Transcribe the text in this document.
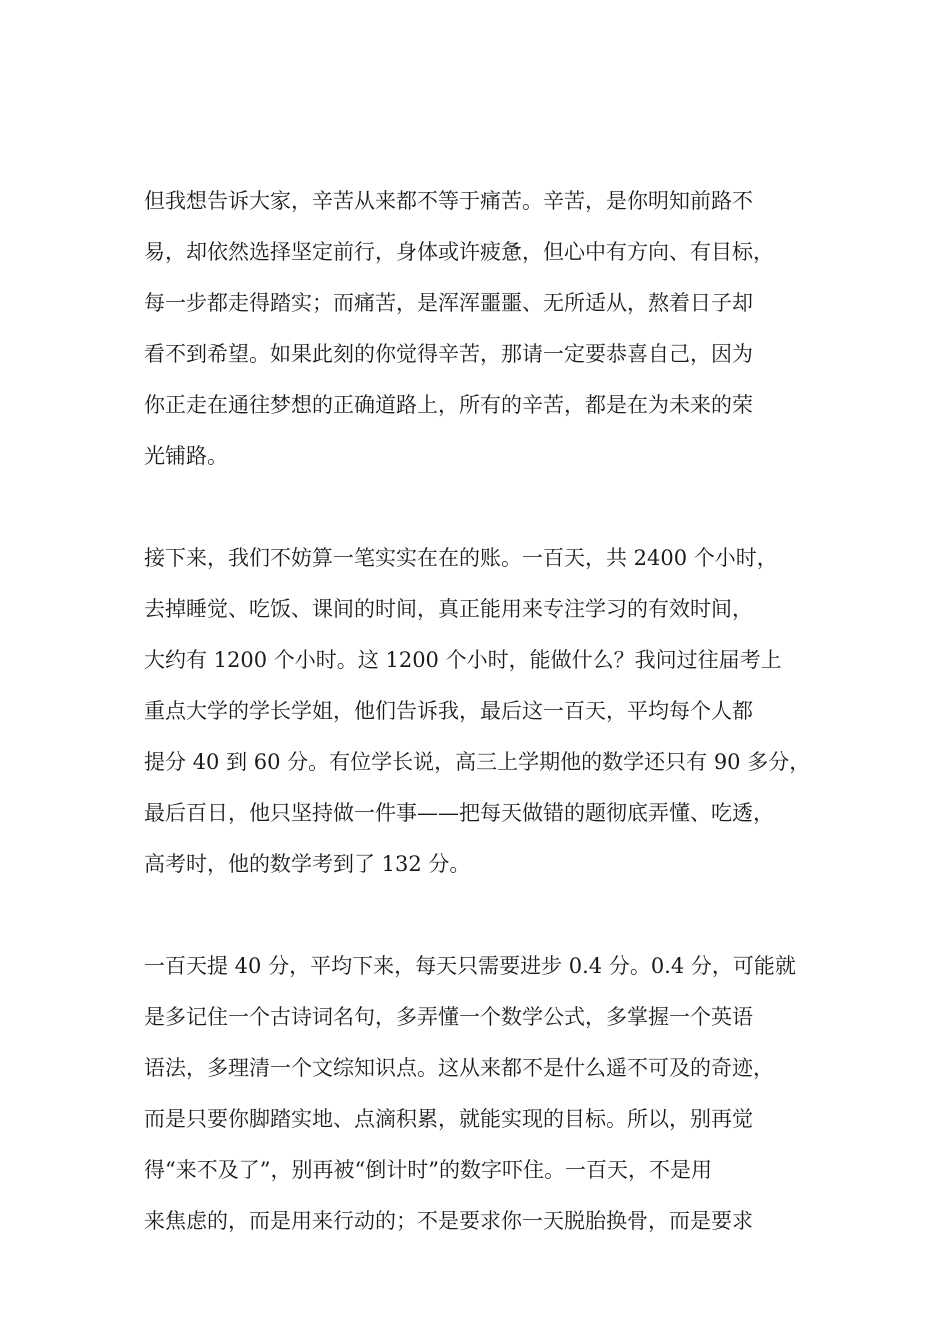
但我想告诉大家，辛苦从来都不等于痛苦。辛苦，是你明知前路不
易，却依然选择坚定前行，身体或许疲惫，但心中有方向、有目标，
每一步都走得踏实；而痛苦，是浑浑噩噩、无所适从，熬着日子却
看不到希望。如果此刻的你觉得辛苦，那请一定要恭喜自己，因为
你正走在通往梦想的正确道路上，所有的辛苦，都是在为未来的荣
光铺路。

接下来，我们不妨算一笔实实在在的账。一百天，共 2400 个小时，
去掉睡觉、吃饭、课间的时间，真正能用来专注学习的有效时间，
大约有 1200 个小时。这 1200 个小时，能做什么？我问过往届考上
重点大学的学长学姐，他们告诉我，最后这一百天，平均每个人都
提分 40 到 60 分。有位学长说，高三上学期他的数学还只有 90 多分，
最后百日，他只坚持做一件事——把每天做错的题彻底弄懂、吃透，
高考时，他的数学考到了 132 分。

一百天提 40 分，平均下来，每天只需要进步 0.4 分。0.4 分，可能就
是多记住一个古诗词名句，多弄懂一个数学公式，多掌握一个英语
语法，多理清一个文综知识点。这从来都不是什么遥不可及的奇迹，
而是只要你脚踏实地、点滴积累，就能实现的目标。所以，别再觉
得“来不及了”，别再被“倒计时”的数字吓住。一百天，不是用
来焦虑的，而是用来行动的；不是要求你一天脱胎换骨，而是要求
